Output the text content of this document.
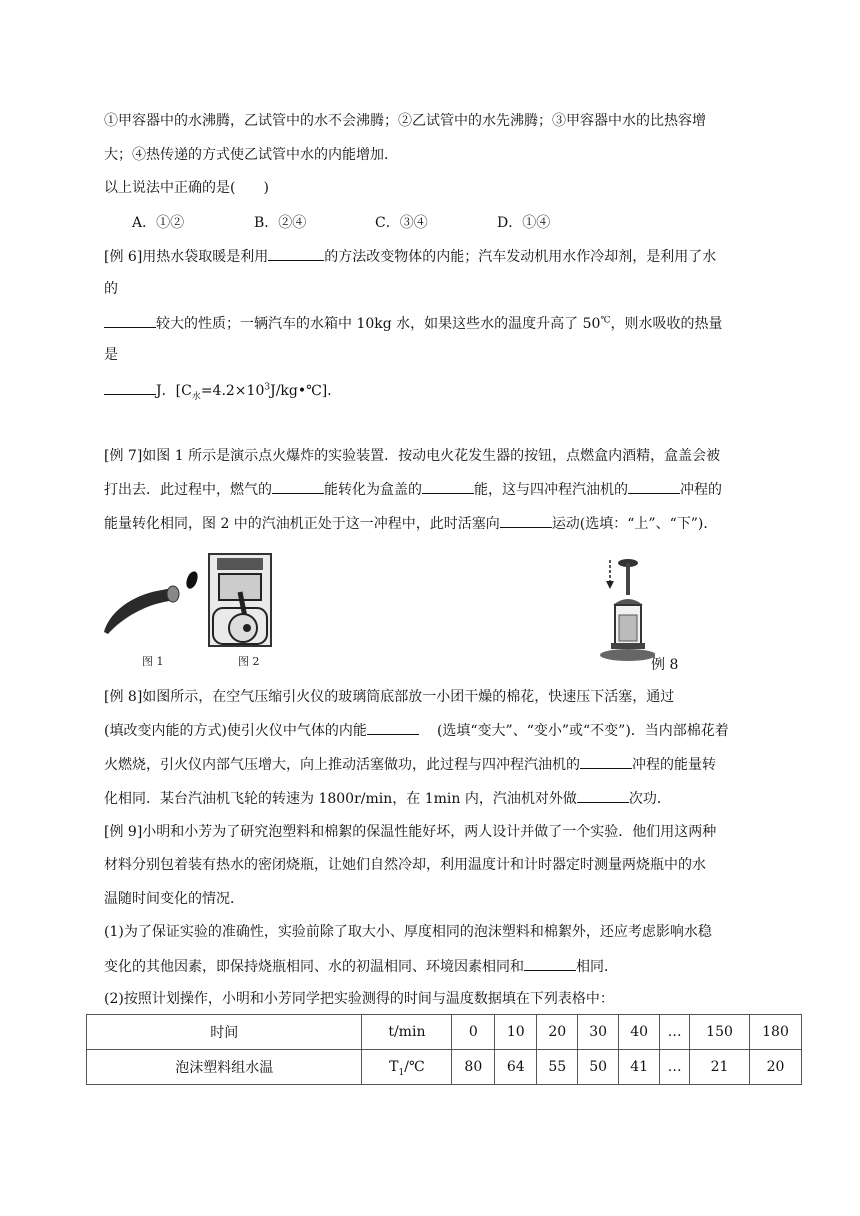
①甲容器中的水沸腾，乙试管中的水不会沸腾；②乙试管中的水先沸腾；③甲容器中水的比热容增
大；④热传递的方式使乙试管中水的内能增加．
以上说法中正确的是(　　)
A．①②	B．②④	C．③④	D．①④
[例 6]用热水袋取暖是利用	的方法改变物体的内能；汽车发动机用水作冷却剂，是利用了水
的
较大的性质；一辆汽车的水箱中 10kg 水，如果这些水的温度升高了 50℃，则水吸收的热量
是
J．$[C_水=4.2\times 10^3J/kg•℃]$．
[例 7]如图 1 所示是演示点火爆炸的实验装置．按动电火花发生器的按钮，点燃盒内酒精，盒盖会被
打出去．此过程中，燃气的	能转化为盒盖的	能，这与四冲程汽油机的	冲程的
能量转化相同，图 2 中的汽油机正处于这一冲程中，此时活塞向	运动(选填：“上”、“下”)．
图 1	图 2	例 8
[例 8]如图所示，在空气压缩引火仪的玻璃筒底部放一小团干燥的棉花，快速压下活塞，通过
(填改变内能的方式)使引火仪中气体的内能	(选填“变大”、“变小”或“不变”)．当内部棉花着
火燃烧，引火仪内部气压增大，向上推动活塞做功，此过程与四冲程汽油机的	冲程的能量转
化相同．某台汽油机飞轮的转速为 1800r/min，在 1min 内，汽油机对外做	次功．
[例 9]小明和小芳为了研究泡塑料和棉絮的保温性能好坏，两人设计并做了一个实验．他们用这两种
材料分别包着装有热水的密闭烧瓶，让她们自然冷却，利用温度计和计时器定时测量两烧瓶中的水
温随时间变化的情况．
(1)为了保证实验的准确性，实验前除了取大小、厚度相同的泡沫塑料和棉絮外，还应考虑影响水稳
变化的其他因素，即保持烧瓶相同、水的初温相同、环境因素相同和	相同．
(2)按照计划操作，小明和小芳同学把实验测得的时间与温度数据填在下列表格中：
时间	t/min	0	10	20	30	40	…	150	180
泡沫塑料组水温	$T_1/℃$	80	64	55	50	41	…	21	20
